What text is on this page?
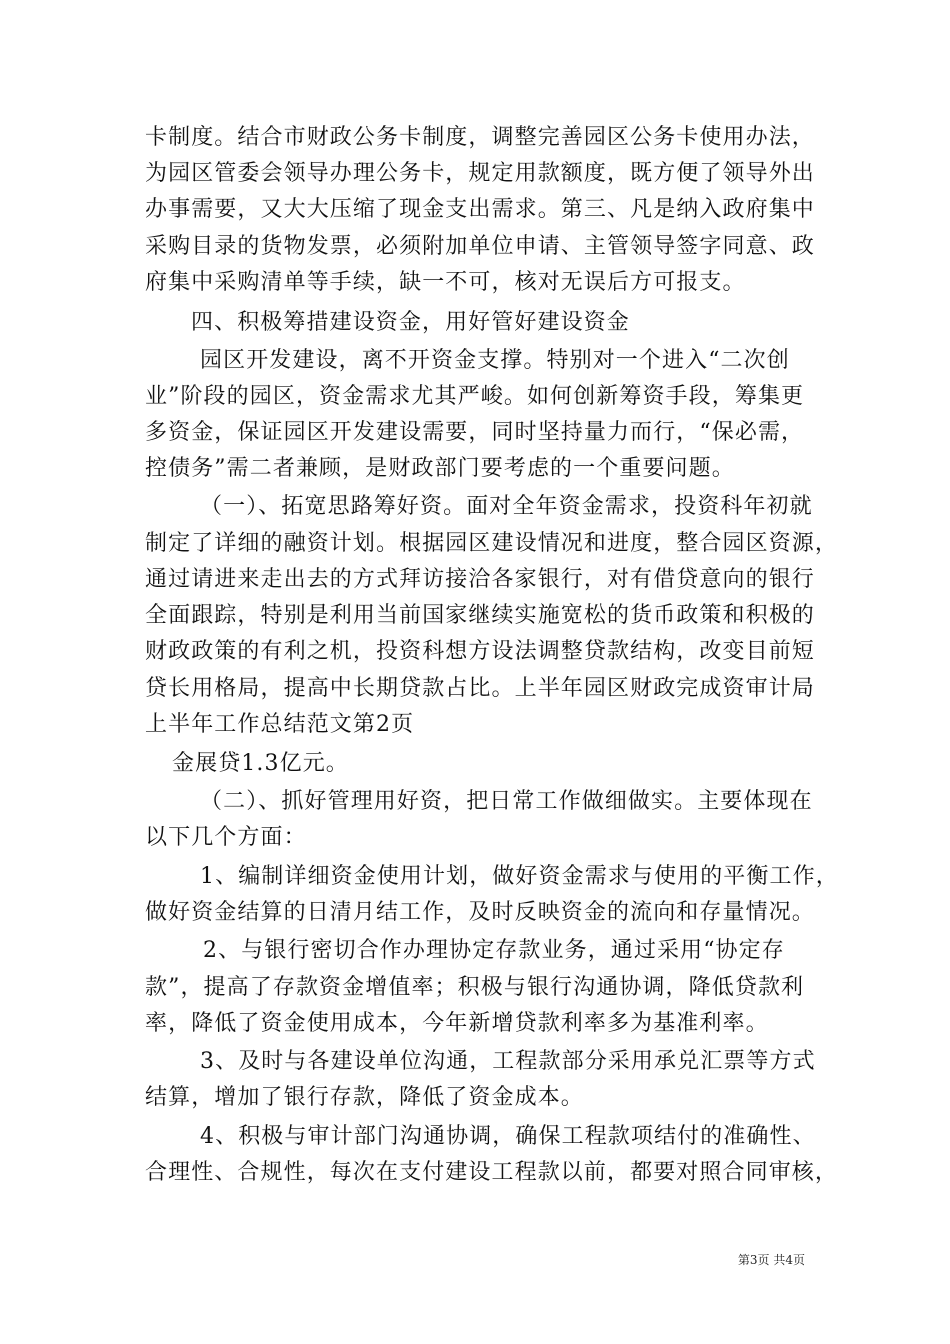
卡制度。结合市财政公务卡制度，调整完善园区公务卡使用办法，

为园区管委会领导办理公务卡，规定用款额度，既方便了领导外出

办事需要，又大大压缩了现金支出需求。第三、凡是纳入政府集中

采购目录的货物发票，必须附加单位申请、主管领导签字同意、政

府集中采购清单等手续，缺一不可，核对无误后方可报支。

四、积极筹措建设资金，用好管好建设资金

园区开发建设，离不开资金支撑。特别对一个进入“二次创

业”阶段的园区，资金需求尤其严峻。如何创新筹资手段，筹集更

多资金，保证园区开发建设需要，同时坚持量力而行，“保必需，

控债务”需二者兼顾，是财政部门要考虑的一个重要问题。

（一）、拓宽思路筹好资。面对全年资金需求，投资科年初就

制定了详细的融资计划。根据园区建设情况和进度，整合园区资源，

通过请进来走出去的方式拜访接洽各家银行，对有借贷意向的银行

全面跟踪，特别是利用当前国家继续实施宽松的货币政策和积极的

财政政策的有利之机，投资科想方设法调整贷款结构，改变目前短

贷长用格局，提高中长期贷款占比。上半年园区财政完成资审计局

上半年工作总结范文第2页

金展贷1.3亿元。

（二）、抓好管理用好资，把日常工作做细做实。主要体现在

以下几个方面：

1、编制详细资金使用计划，做好资金需求与使用的平衡工作，

做好资金结算的日清月结工作，及时反映资金的流向和存量情况。

2、与银行密切合作办理协定存款业务，通过采用“协定存

款”，提高了存款资金增值率；积极与银行沟通协调，降低贷款利

率，降低了资金使用成本，今年新增贷款利率多为基准利率。

3、及时与各建设单位沟通，工程款部分采用承兑汇票等方式

结算，增加了银行存款，降低了资金成本。

4、积极与审计部门沟通协调，确保工程款项结付的准确性、

合理性、合规性，每次在支付建设工程款以前，都要对照合同审核，

第3页 共4页
